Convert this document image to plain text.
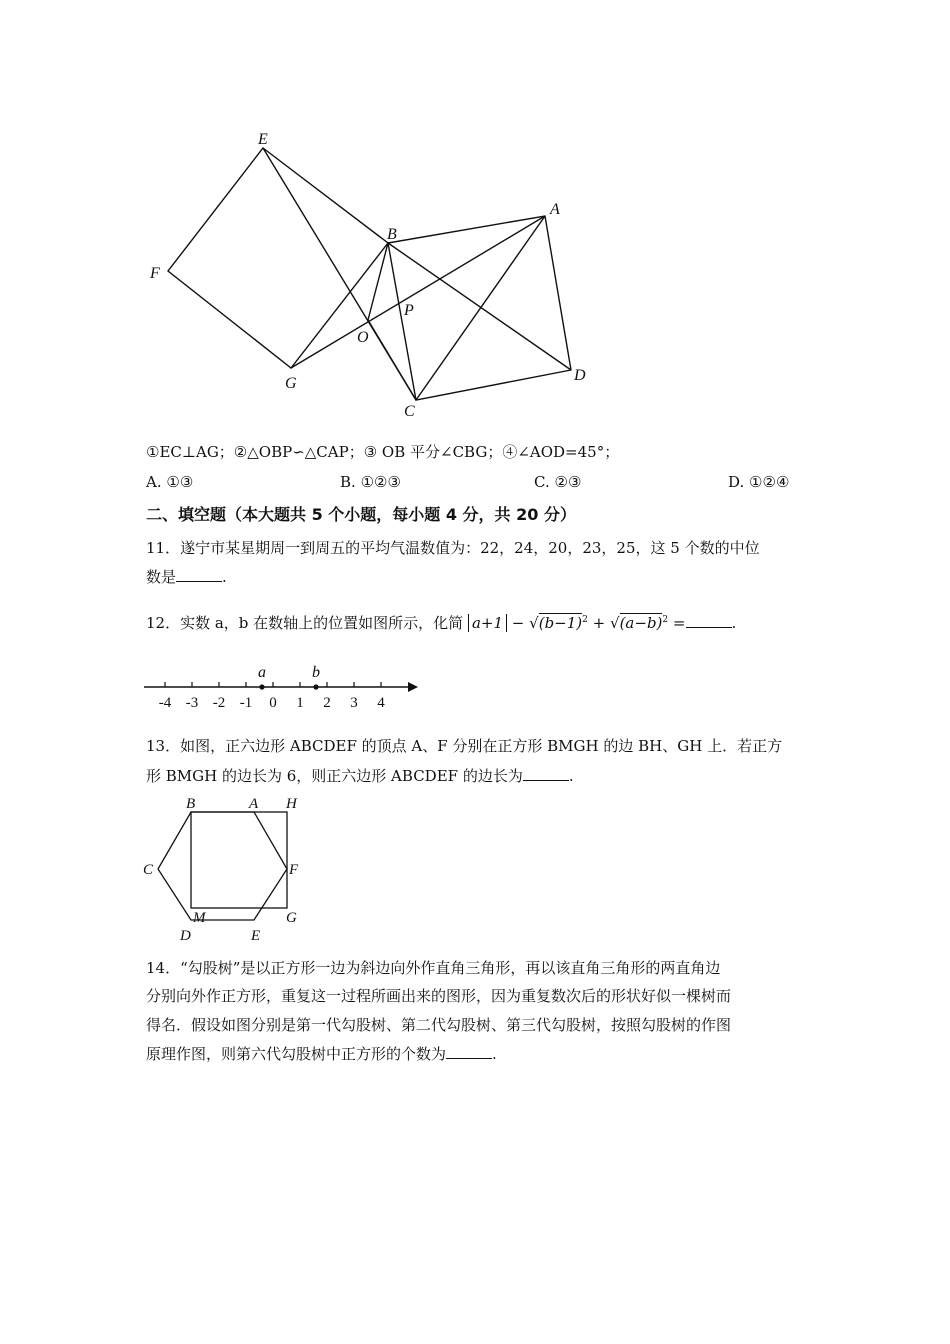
E
F
G
B
A
P
O
C
D
①EC⊥AG；②△OBP∽△CAP；③ OB 平分∠CBG；④∠AOD=45°；
A. ①③	B. ①②③	C. ②③	D. ①②④
二、填空题（本大题共 5 个小题，每小题 4 分，共 20 分）
11．遂宁市某星期周一到周五的平均气温数值为：22，24，20，23，25，这 5 个数的中位
数是	.
12．实数 a，b 在数轴上的位置如图所示，化简 $a+1 - √(b-1)^2 + √(a-b)^2$ =	.
-4 -3 -2 -1 0 1 2 3 4
a	b
13．如图，正六边形 ABCDEF 的顶点 A、F 分别在正方形 BMGH 的边 BH、GH 上．若正方
形 BMGH 的边长为 6，则正六边形 ABCDEF 的边长为	.
B	A H
C	F
M	G
D	E
14．“勾股树”是以正方形一边为斜边向外作直角三角形，再以该直角三角形的两直角边
分别向外作正方形，重复这一过程所画出来的图形，因为重复数次后的形状好似一棵树而
得名．假设如图分别是第一代勾股树、第二代勾股树、第三代勾股树，按照勾股树的作图
原理作图，则第六代勾股树中正方形的个数为	.
